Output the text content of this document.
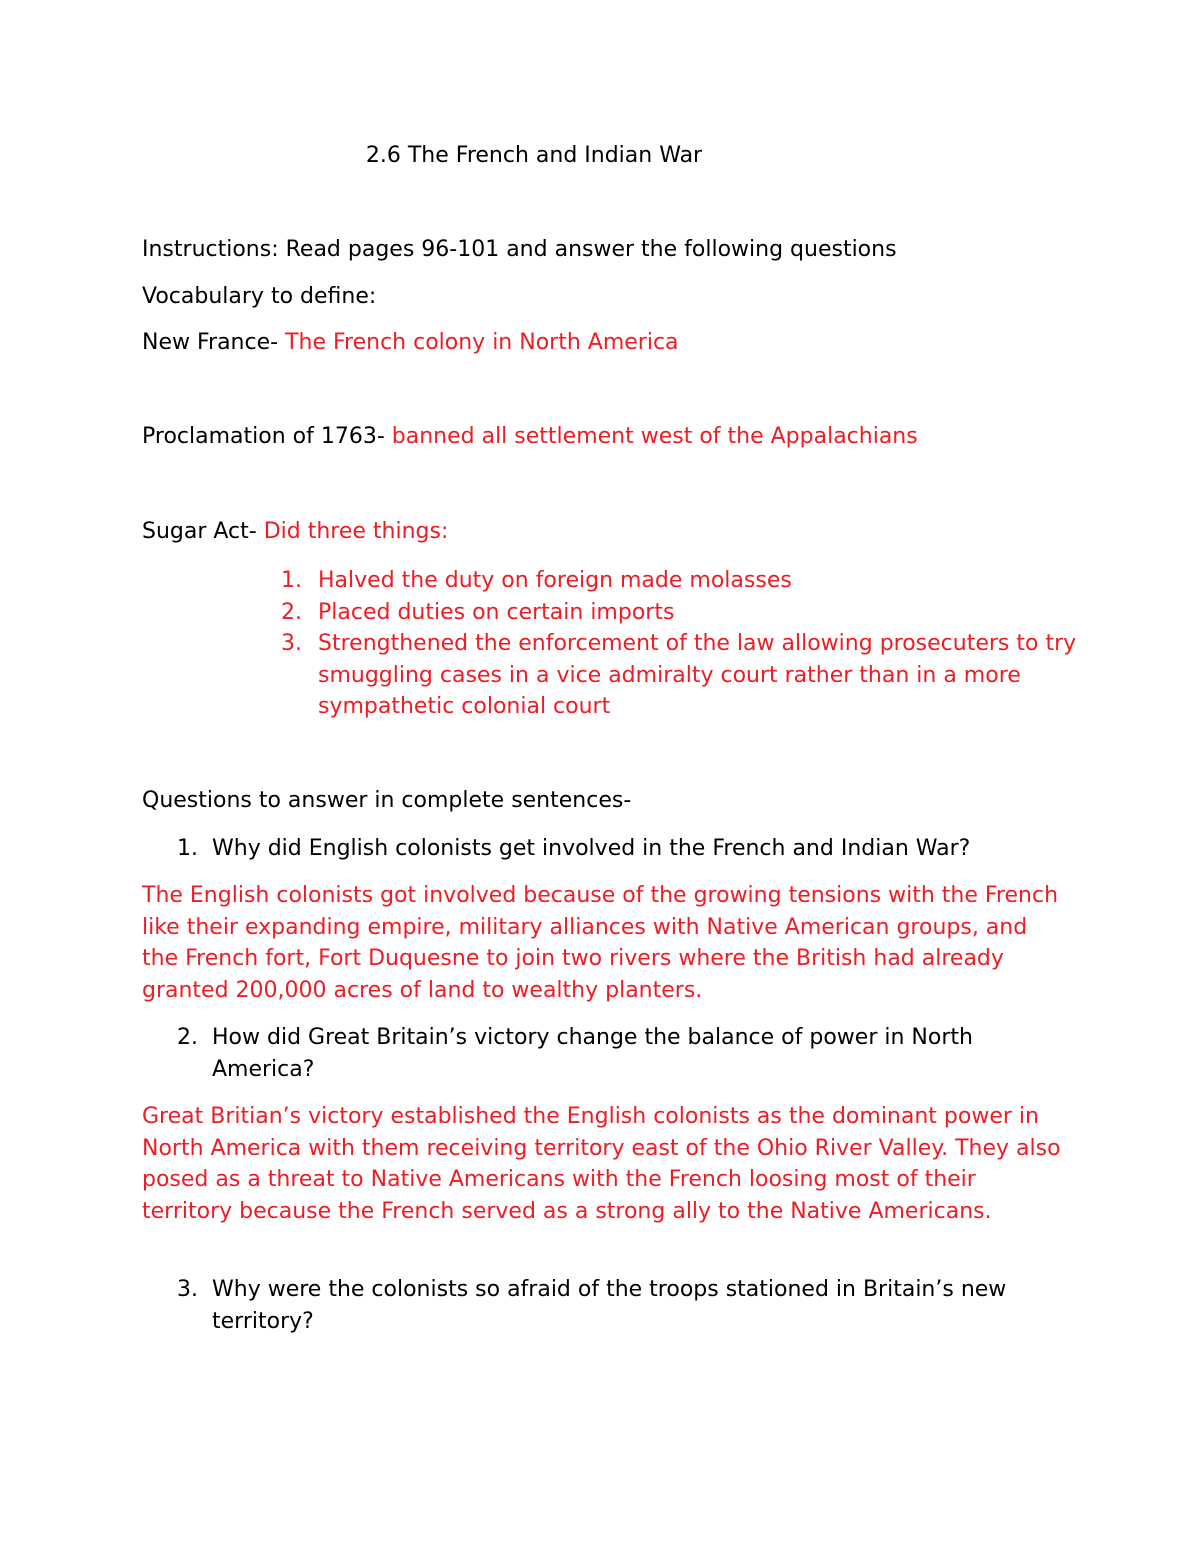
2.6 The French and Indian War

Instructions: Read pages 96-101 and answer the following questions

Vocabulary to define:

New France- The French colony in North America

Proclamation of 1763- banned all settlement west of the Appalachians

Sugar Act- Did three things:

1. Halved the duty on foreign made molasses
2. Placed duties on certain imports
3. Strengthened the enforcement of the law allowing prosecuters to try smuggling cases in a vice admiralty court rather than in a more sympathetic colonial court

Questions to answer in complete sentences-

1. Why did English colonists get involved in the French and Indian War?

The English colonists got involved because of the growing tensions with the French like their expanding empire, military alliances with Native American groups, and the French fort, Fort Duquesne to join two rivers where the British had already granted 200,000 acres of land to wealthy planters.

2. How did Great Britain’s victory change the balance of power in North America?

Great Britian’s victory established the English colonists as the dominant power in North America with them receiving territory east of the Ohio River Valley. They also posed as a threat to Native Americans with the French loosing most of their territory because the French served as a strong ally to the Native Americans.

3. Why were the colonists so afraid of the troops stationed in Britain’s new territory?
